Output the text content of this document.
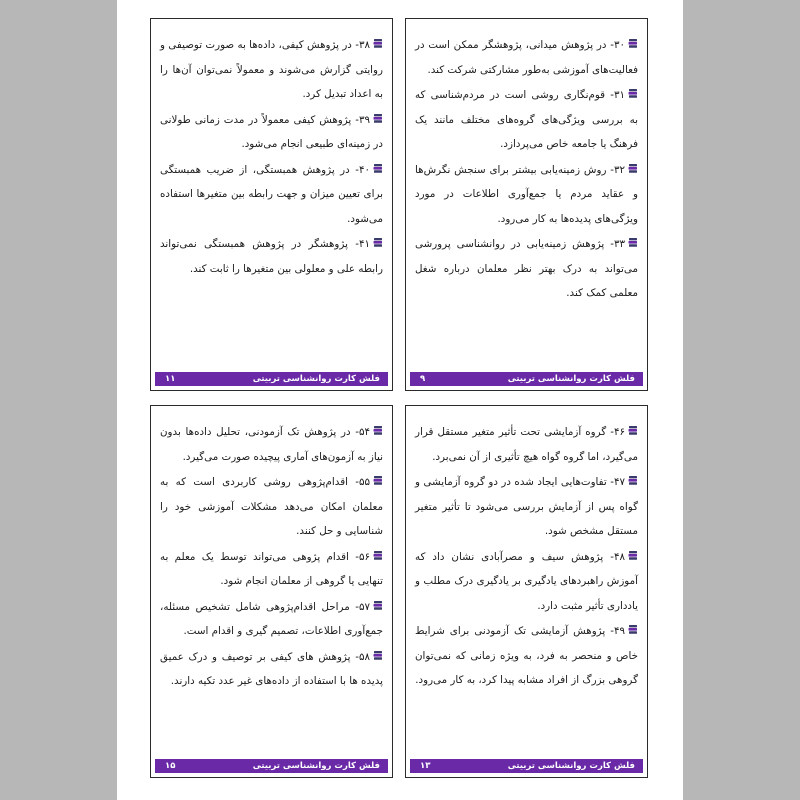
۳۰- در پژوهش میدانی، پژوهشگر ممکن است در فعالیت‌های آموزشی به‌طور مشارکتی شرکت کند.
۳۱- قوم‌نگاری روشی است در مردم‌شناسی که به بررسی ویژگی‌های گروه‌های مختلف مانند یک فرهنگ یا جامعه خاص می‌پردازد.
۳۲- روش زمینه‌یابی بیشتر برای سنجش نگرش‌ها و عقاید مردم یا جمع‌آوری اطلاعات در مورد ویژگی‌های پدیده‌ها به کار می‌رود.
۳۳- پژوهش زمینه‌یابی در روانشناسی پرورشی می‌تواند به درک بهتر نظر معلمان درباره شغل معلمی کمک کند.
فلش کارت روانشناسی تربیتی
۹
۳۸- در پژوهش کیفی، داده‌ها به صورت توصیفی و روایتی گزارش می‌شوند و معمولاً نمی‌توان آن‌ها را به اعداد تبدیل کرد.
۳۹- پژوهش کیفی معمولاً در مدت زمانی طولانی در زمینه‌ای طبیعی انجام می‌شود.
۴۰- در پژوهش همبستگی، از ضریب همبستگی برای تعیین میزان و جهت رابطه بین متغیرها استفاده می‌شود.
۴۱- پژوهشگر در پژوهش همبستگی نمی‌تواند رابطه علی و معلولی بین متغیرها را ثابت کند.
فلش کارت روانشناسی تربیتی
۱۱
۴۶- گروه آزمایشی تحت تأثیر متغیر مستقل قرار می‌گیرد، اما گروه گواه هیچ تأثیری از آن نمی‌برد.
۴۷- تفاوت‌هایی ایجاد شده در دو گروه آزمایشی و گواه پس از آزمایش بررسی می‌شود تا تأثیر متغیر مستقل مشخص شود.
۴۸- پژوهش سیف و مصرآبادی نشان داد که آموزش راهبردهای یادگیری بر یادگیری درک مطلب و یادداری تأثیر مثبت دارد.
۴۹- پژوهش آزمایشی تک آزمودنی برای شرایط خاص و منحصر به فرد، به ویژه زمانی که نمی‌توان گروهی بزرگ از افراد مشابه پیدا کرد، به کار می‌رود.
فلش کارت روانشناسی تربیتی
۱۳
۵۴- در پژوهش تک آزمودنی، تحلیل داده‌ها بدون نیاز به آزمون‌های آماری پیچیده صورت می‌گیرد.
۵۵- اقدام‌پژوهی روشی کاربردی است که به معلمان امکان می‌دهد مشکلات آموزشی خود را شناسایی و حل کنند.
۵۶- اقدام پژوهی می‌تواند توسط یک معلم به تنهایی یا گروهی از معلمان انجام شود.
۵۷- مراحل اقدام‌پژوهی شامل تشخیص مسئله، جمع‌آوری اطلاعات، تصمیم گیری و اقدام است.
۵۸- پژوهش های کیفی بر توصیف و درک عمیق پدیده ها با استفاده از داده‌های غیر عدد تکیه دارند.
فلش کارت روانشناسی تربیتی
۱۵
